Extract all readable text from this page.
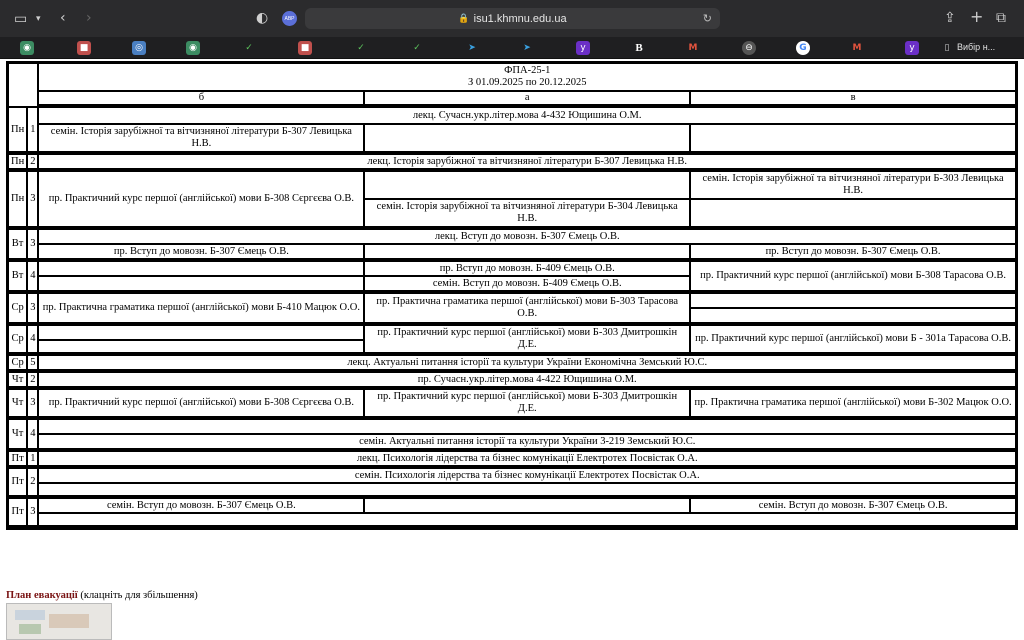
▭ ▾ ‹ ›	◐	ABP	🔒 isu1.khmnu.edu.ua	↻	⇪ + ⧉
◉	■	◎	◉	✓	■	✓	✓	➤	➤	y	B	M	⊖	G	M	y	▯ Вибір н...

		ФПА-25-1
З 01.09.2025 по 20.12.2025		

		б	а	в

Пн	1	лекц. Сучасн.укр.літер.мова 4-432 Ющишина О.М.		
		семін. Історія зарубіжної та вітчизняної літератури Б-307 Левицька Н.В.		

Пн	2	лекц. Історія зарубіжної та вітчизняної літератури Б-307 Левицька Н.В.		

Пн	3	пр. Практичний курс першої (англійської) мови Б-308 Сєргєєва О.В.		семін. Історія зарубіжної та вітчизняної літератури Б-303 Левицька Н.В.
			семін. Історія зарубіжної та вітчизняної літератури Б-304 Левицька Н.В.	

Вт	3	лекц. Вступ до мовозн. Б-307 Ємець О.В.		
		пр. Вступ до мовозн. Б-307 Ємець О.В.		пр. Вступ до мовозн. Б-307 Ємець О.В.

Вт	4		пр. Вступ до мовозн. Б-409 Ємець О.В.	пр. Практичний курс першої (англійської) мови Б-308 Тарасова О.В.
			семін. Вступ до мовозн. Б-409 Ємець О.В.	

Ср	3	пр. Практична граматика першої (англійської) мови Б-410 Мацюк О.О.	пр. Практична граматика першої (англійської) мови Б-303 Тарасова О.В.	

Ср	4		пр. Практичний курс першої (англійської) мови Б-303 Дмитрошкін Д.Е.	пр. Практичний курс першої (англійської) мови Б - 301а Тарасова О.В.

Ср	5	лекц. Актуальні питання історії та культури України Економічна Земський Ю.С.		

Чт	2	пр. Сучасн.укр.літер.мова 4-422 Ющишина О.М.		

Чт	3	пр. Практичний курс першої (англійської) мови Б-308 Сєргєєва О.В.	пр. Практичний курс першої (англійської) мови Б-303 Дмитрошкін Д.Е.	пр. Практична граматика першої (англійської) мови Б-302 Мацюк О.О.

Чт	4			
		семін. Актуальні питання історії та культури України 3-219 Земський Ю.С.		

Пт	1	лекц. Психологія лідерства та бізнес комунікації Електротех Посвістак О.А.		

Пт	2	семін. Психологія лідерства та бізнес комунікації Електротех Посвістак О.А.		

Пт	3	семін. Вступ до мовозн. Б-307 Ємець О.В.		семін. Вступ до мовозн. Б-307 Ємець О.В.

План евакуації (клацніть для збільшення)
